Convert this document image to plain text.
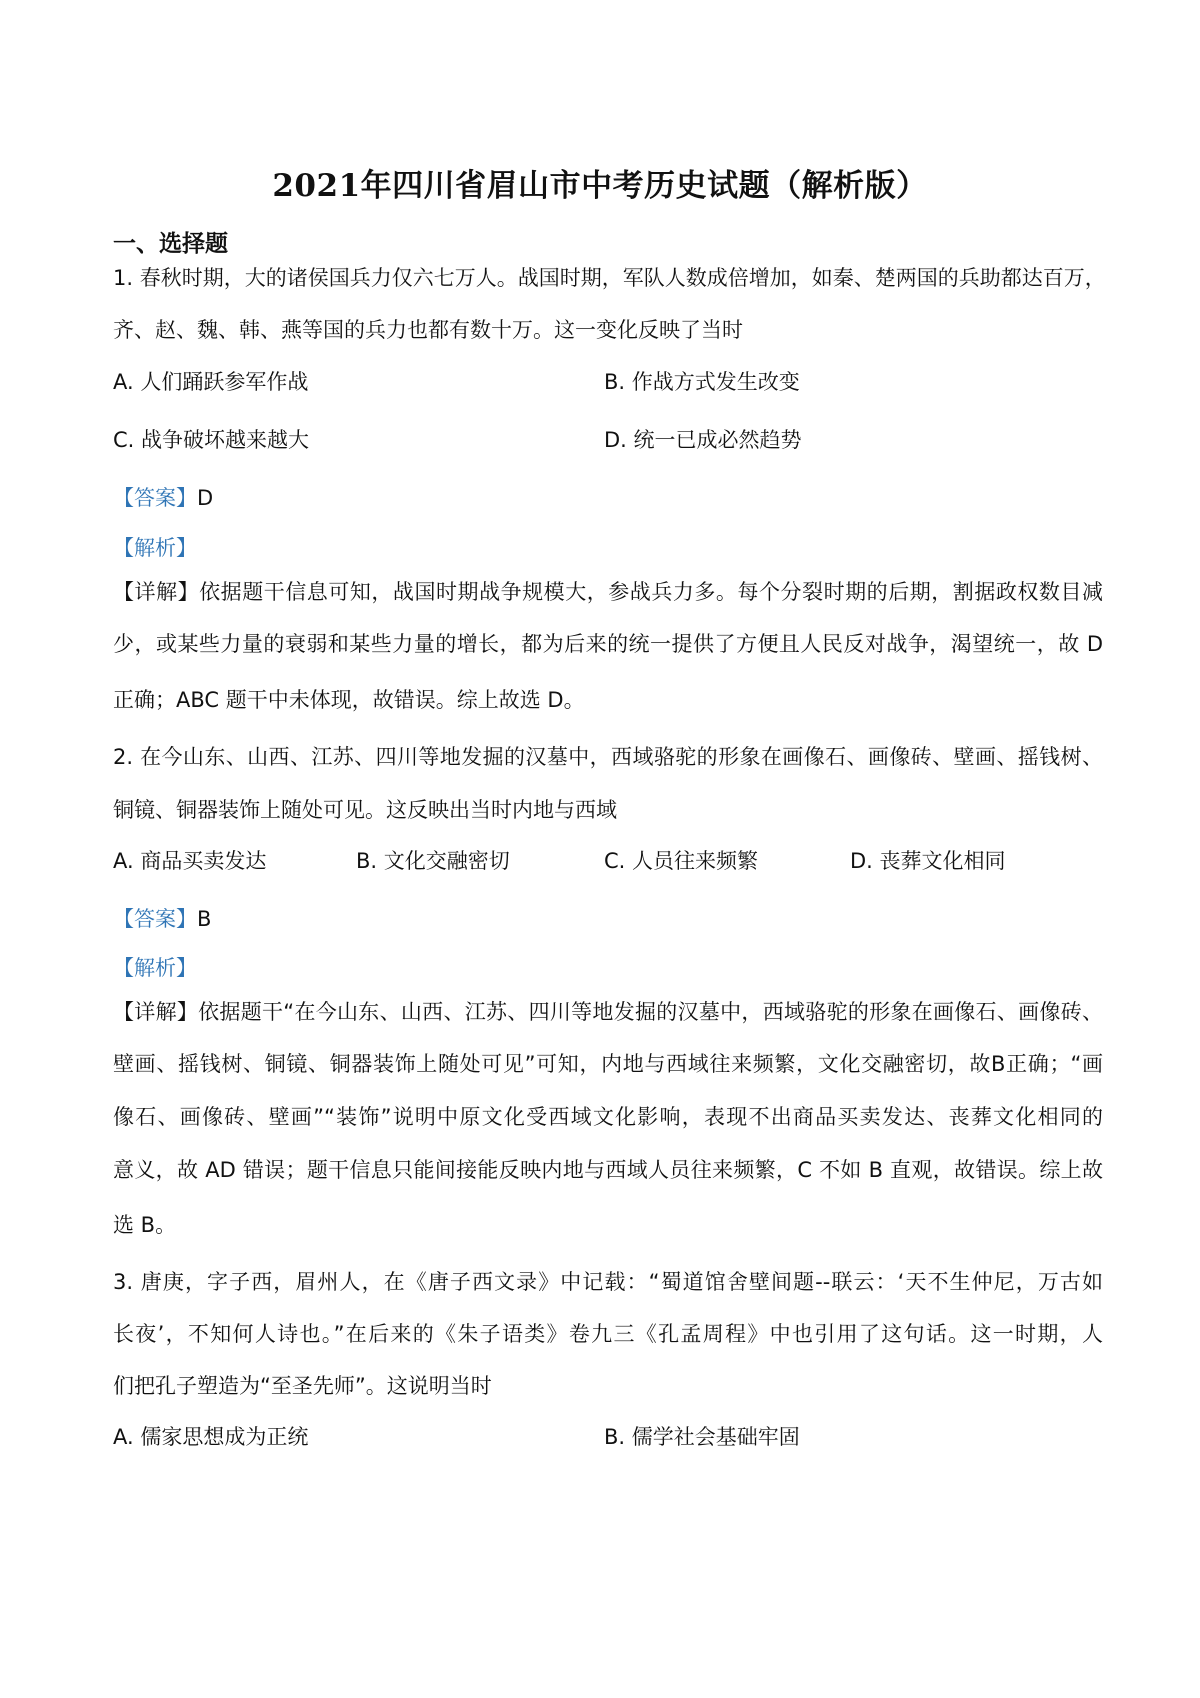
2021年四川省眉山市中考历史试题（解析版）
一、选择题
1. 春秋时期，大的诸侯国兵力仅六七万人。战国时期，军队人数成倍增加，如秦、楚两国的兵助都达百万，
齐、赵、魏、韩、燕等国的兵力也都有数十万。这一变化反映了当时
A. 人们踊跃参军作战	B. 作战方式发生改变
C. 战争破坏越来越大	D. 统一已成必然趋势
【答案】D
【解析】
【详解】依据题干信息可知，战国时期战争规模大，参战兵力多。每个分裂时期的后期，割据政权数目减
少，或某些力量的衰弱和某些力量的增长，都为后来的统一提供了方便且人民反对战争，渴望统一，故 D
正确；ABC 题干中未体现，故错误。综上故选 D。
2. 在今山东、山西、江苏、四川等地发掘的汉墓中，西域骆驼的形象在画像石、画像砖、壁画、摇钱树、
铜镜、铜器装饰上随处可见。这反映出当时内地与西域
A. 商品买卖发达	B. 文化交融密切	C. 人员往来频繁	D. 丧葬文化相同
【答案】B
【解析】
【详解】依据题干“在今山东、山西、江苏、四川等地发掘的汉墓中，西域骆驼的形象在画像石、画像砖、
壁画、摇钱树、铜镜、铜器装饰上随处可见”可知，内地与西域往来频繁，文化交融密切，故B正确；“画
像石、画像砖、壁画”“装饰”说明中原文化受西域文化影响，表现不出商品买卖发达、丧葬文化相同的
意义，故 AD 错误；题干信息只能间接能反映内地与西域人员往来频繁，C 不如 B 直观，故错误。综上故
选 B。
3. 唐庚，字子西，眉州人，在《唐子西文录》中记载：“蜀道馆舍壁间题--联云：‘天不生仲尼，万古如
长夜’，不知何人诗也。”在后来的《朱子语类》卷九三《孔孟周程》中也引用了这句话。这一时期，人
们把孔子塑造为“至圣先师”。这说明当时
A. 儒家思想成为正统	B. 儒学社会基础牢固
